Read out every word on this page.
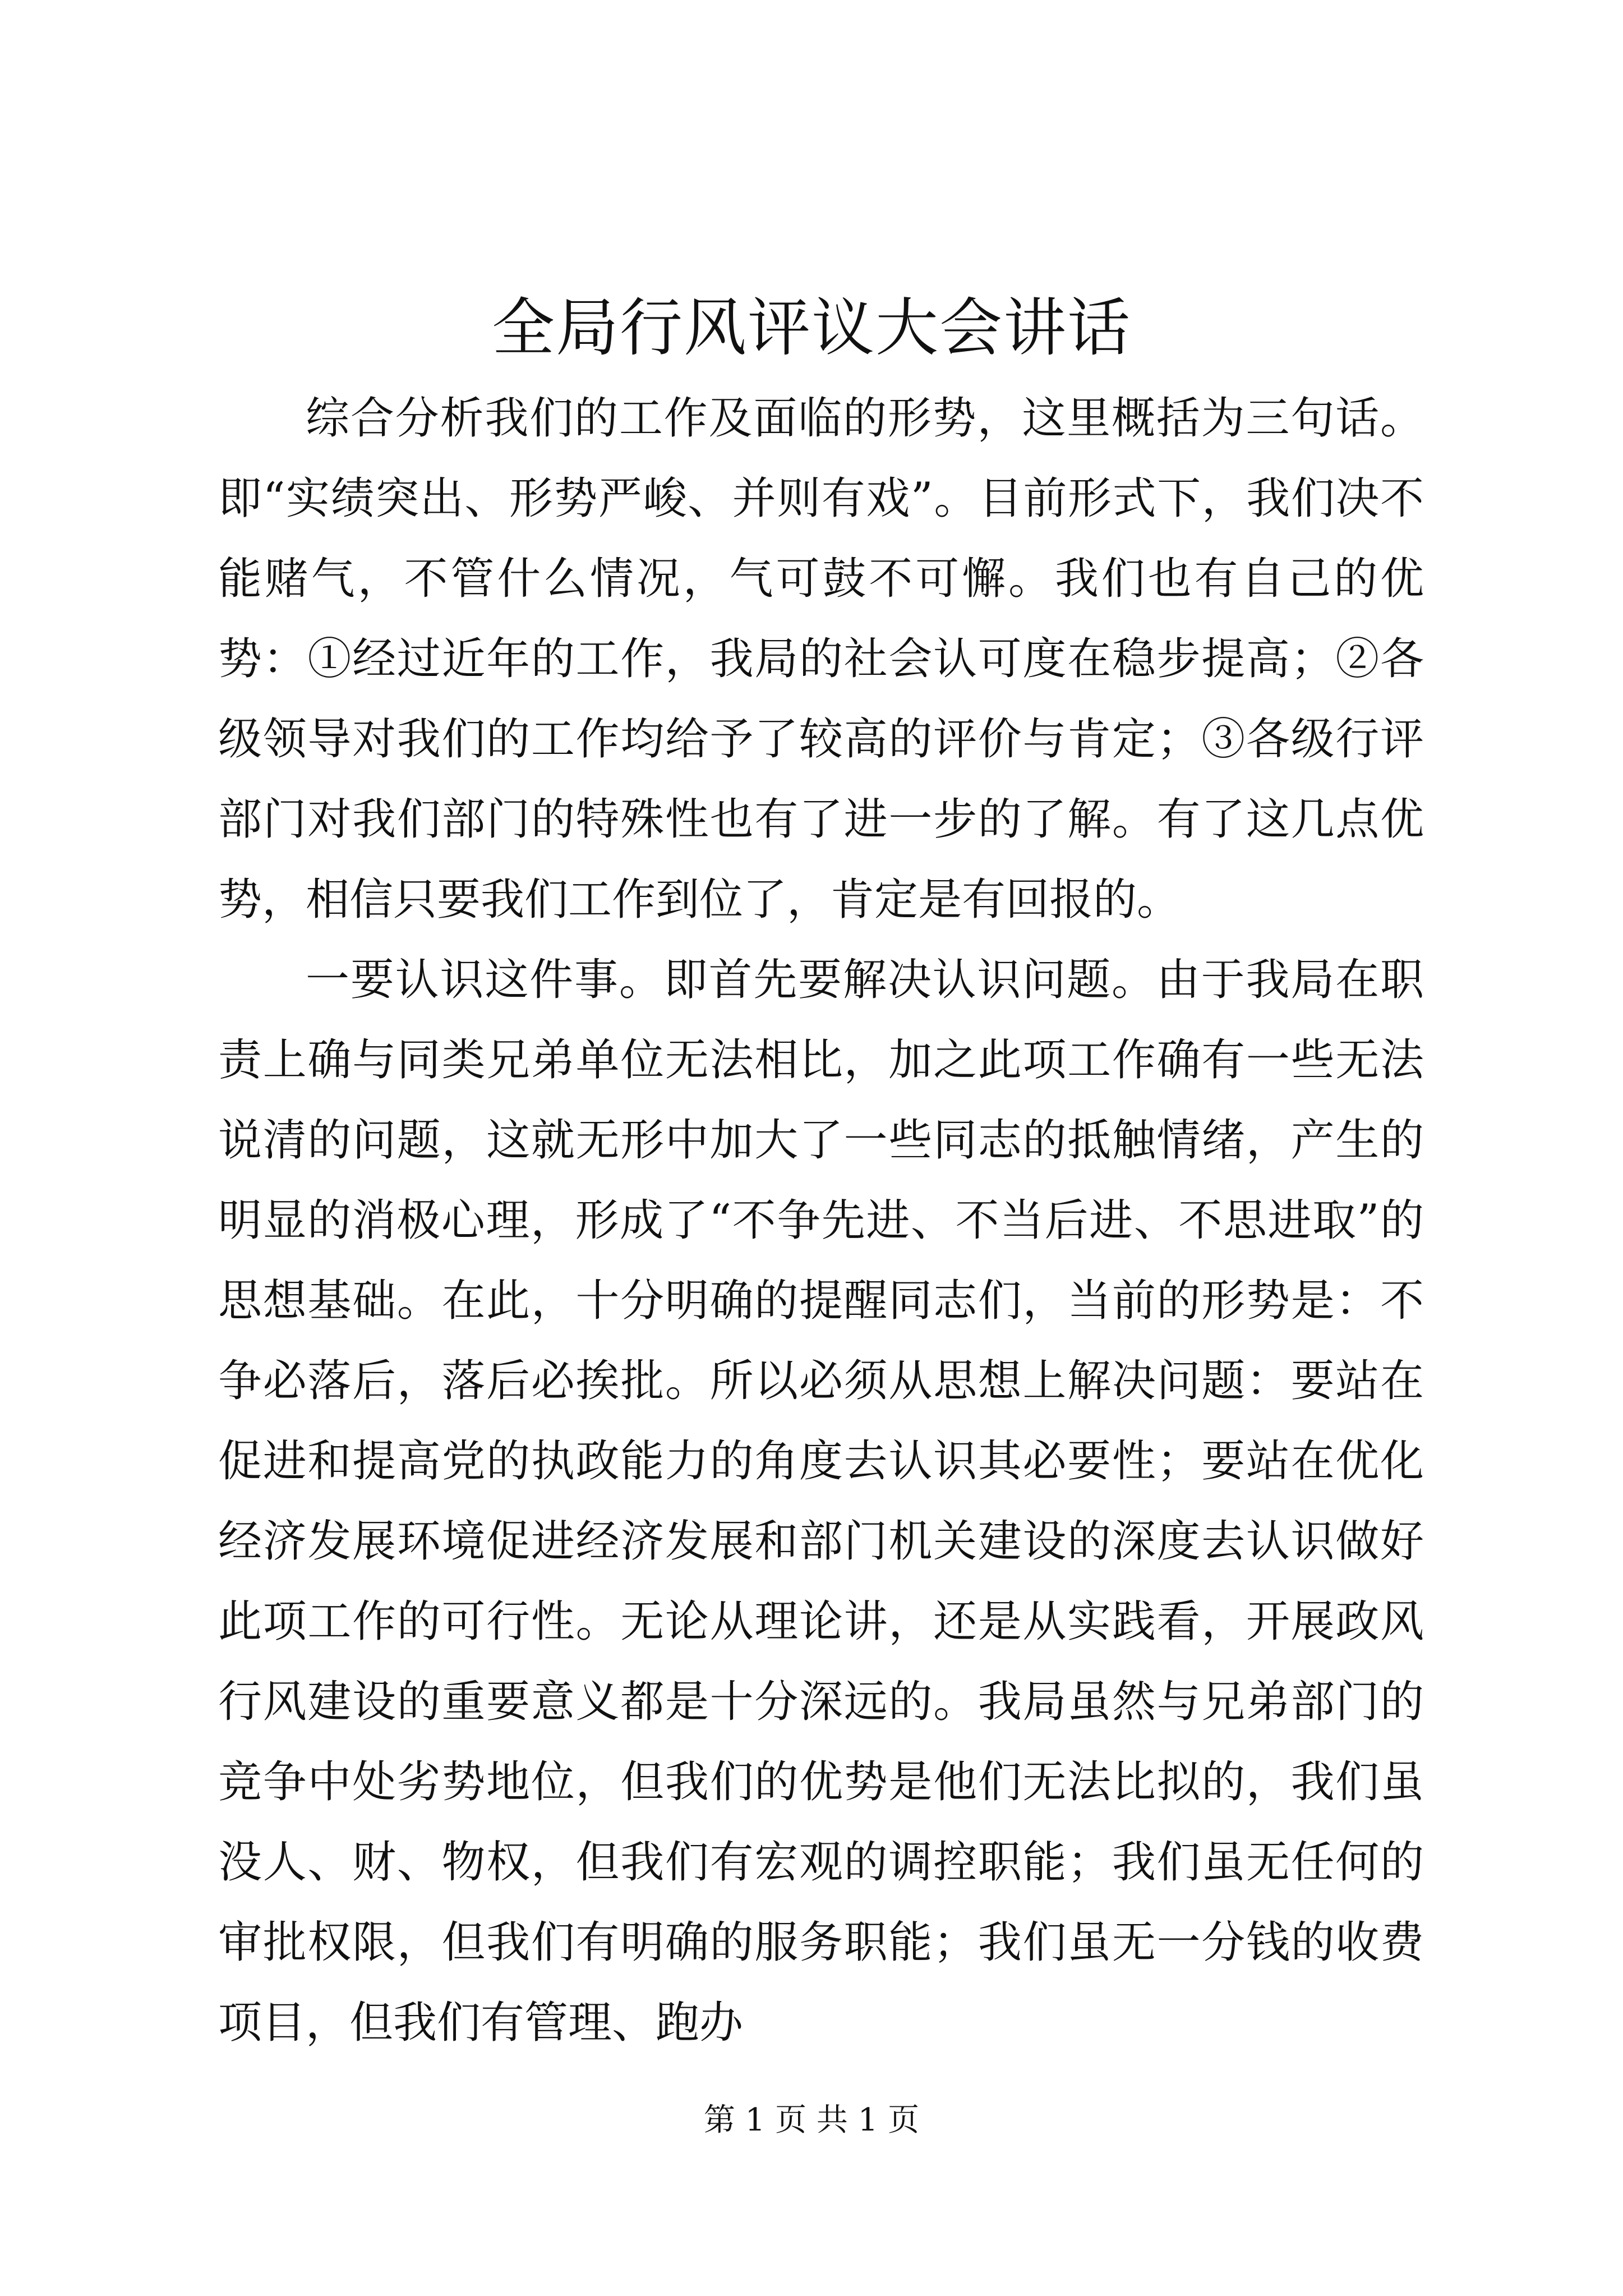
全局行风评议大会讲话

综合分析我们的工作及面临的形势，这里概括为三句话。即“实绩突出、形势严峻、并则有戏”。目前形式下，我们决不能赌气，不管什么情况，气可鼓不可懈。我们也有自己的优势：①经过近年的工作，我局的社会认可度在稳步提高；②各级领导对我们的工作均给予了较高的评价与肯定；③各级行评部门对我们部门的特殊性也有了进一步的了解。有了这几点优势，相信只要我们工作到位了，肯定是有回报的。

一要认识这件事。即首先要解决认识问题。由于我局在职责上确与同类兄弟单位无法相比，加之此项工作确有一些无法说清的问题，这就无形中加大了一些同志的抵触情绪，产生的明显的消极心理，形成了“不争先进、不当后进、不思进取”的思想基础。在此，十分明确的提醒同志们，当前的形势是：不争必落后，落后必挨批。所以必须从思想上解决问题：要站在促进和提高党的执政能力的角度去认识其必要性；要站在优化经济发展环境促进经济发展和部门机关建设的深度去认识做好此项工作的可行性。无论从理论讲，还是从实践看，开展政风行风建设的重要意义都是十分深远的。我局虽然与兄弟部门的竞争中处劣势地位，但我们的优势是他们无法比拟的，我们虽没人、财、物权，但我们有宏观的调控职能；我们虽无任何的审批权限，但我们有明确的服务职能；我们虽无一分钱的收费项目，但我们有管理、跑办

第 1 页 共 1 页
